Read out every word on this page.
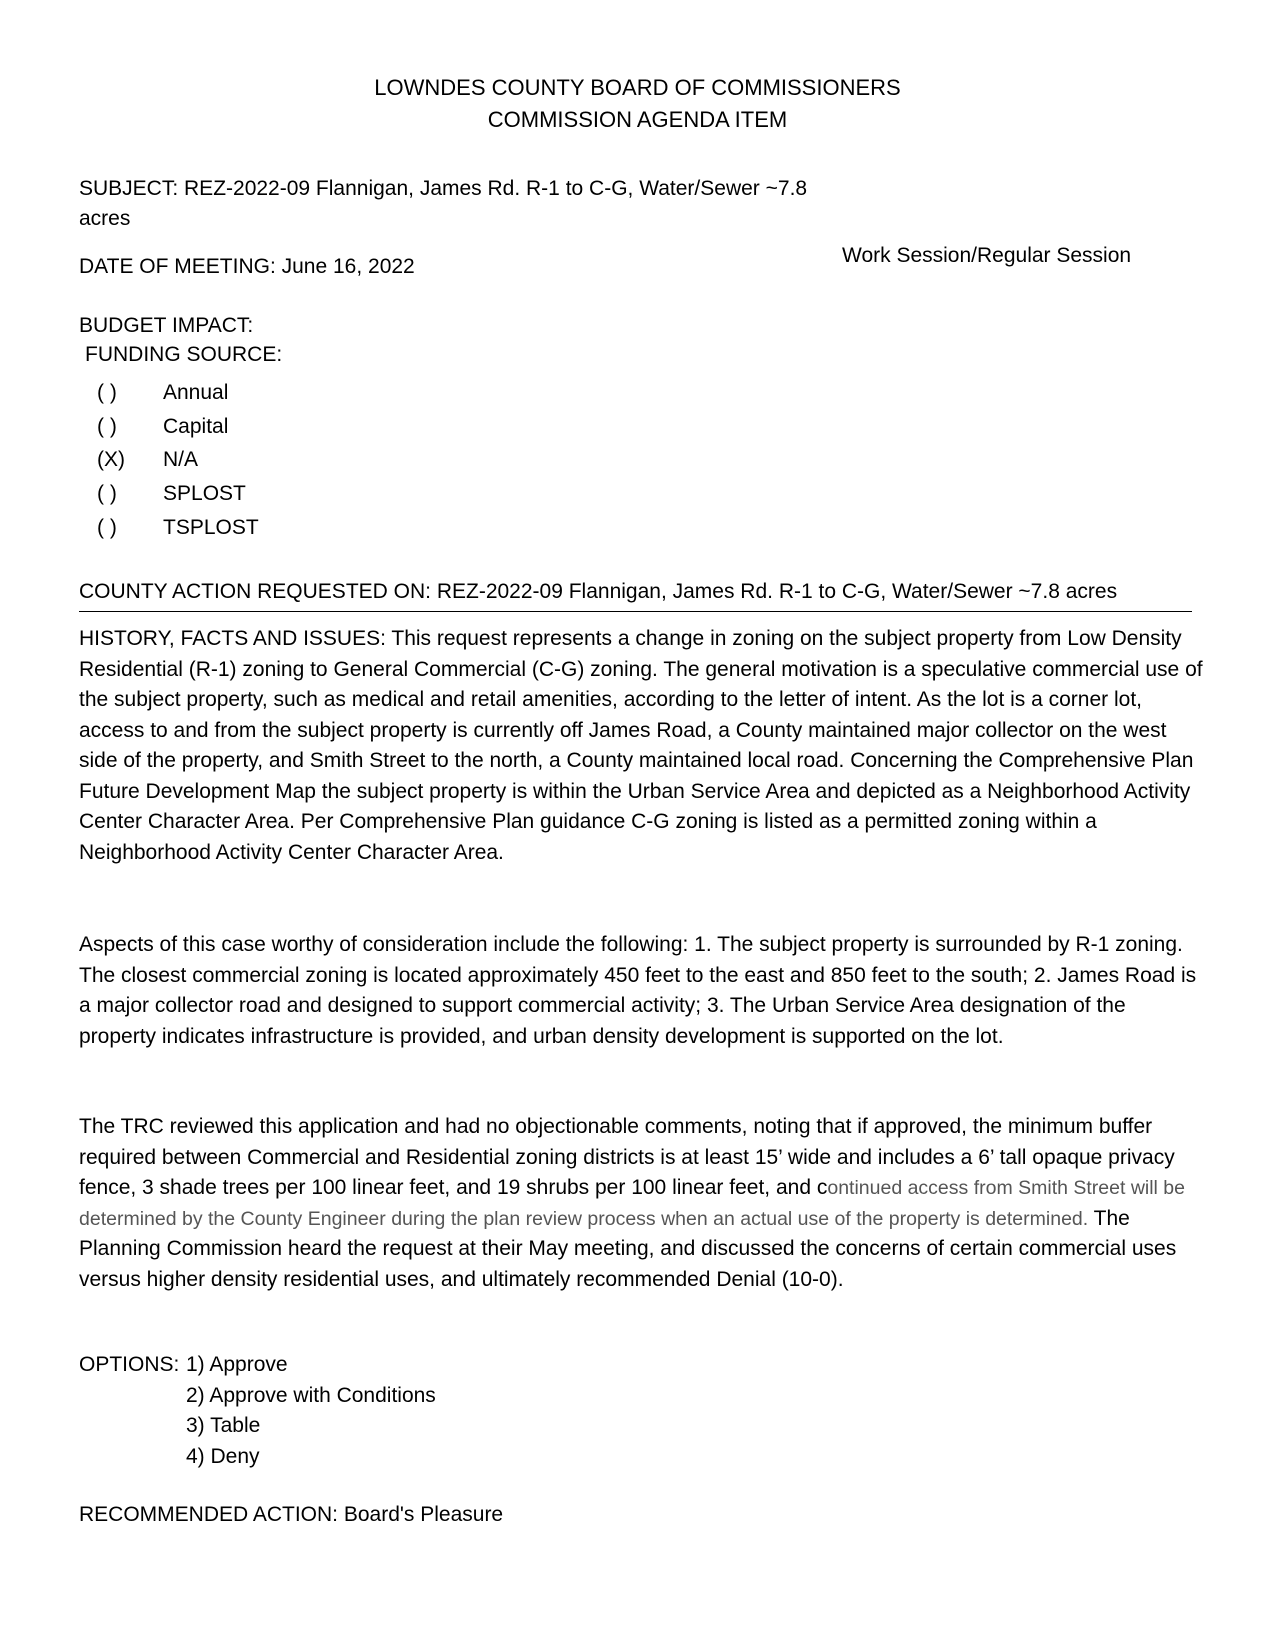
LOWNDES COUNTY BOARD OF COMMISSIONERS
COMMISSION AGENDA ITEM
SUBJECT: REZ-2022-09 Flannigan, James Rd. R-1 to C-G, Water/Sewer ~7.8
acres
DATE OF MEETING: June 16, 2022	Work Session/Regular Session
BUDGET IMPACT:
FUNDING SOURCE:
( ) Annual
( ) Capital
(X) N/A
( ) SPLOST
( ) TSPLOST
COUNTY ACTION REQUESTED ON: REZ-2022-09 Flannigan, James Rd. R-1 to C-G, Water/Sewer ~7.8 acres
HISTORY, FACTS AND ISSUES: This request represents a change in zoning on the subject property from Low Density Residential (R-1) zoning to General Commercial (C-G) zoning. The general motivation is a speculative commercial use of the subject property, such as medical and retail amenities, according to the letter of intent. As the lot is a corner lot, access to and from the subject property is currently off James Road, a County maintained major collector on the west side of the property, and Smith Street to the north, a County maintained local road. Concerning the Comprehensive Plan Future Development Map the subject property is within the Urban Service Area and depicted as a Neighborhood Activity Center Character Area. Per Comprehensive Plan guidance C-G zoning is listed as a permitted zoning within a Neighborhood Activity Center Character Area.
Aspects of this case worthy of consideration include the following: 1. The subject property is surrounded by R-1 zoning. The closest commercial zoning is located approximately 450 feet to the east and 850 feet to the south; 2. James Road is a major collector road and designed to support commercial activity; 3. The Urban Service Area designation of the property indicates infrastructure is provided, and urban density development is supported on the lot.
The TRC reviewed this application and had no objectionable comments, noting that if approved, the minimum buffer required between Commercial and Residential zoning districts is at least 15’ wide and includes a 6’ tall opaque privacy fence, 3 shade trees per 100 linear feet, and 19 shrubs per 100 linear feet, and continued access from Smith Street will be determined by the County Engineer during the plan review process when an actual use of the property is determined. The Planning Commission heard the request at their May meeting, and discussed the concerns of certain commercial uses versus higher density residential uses, and ultimately recommended Denial (10-0).
OPTIONS: 1) Approve
2) Approve with Conditions
3) Table
4) Deny
RECOMMENDED ACTION: Board's Pleasure
